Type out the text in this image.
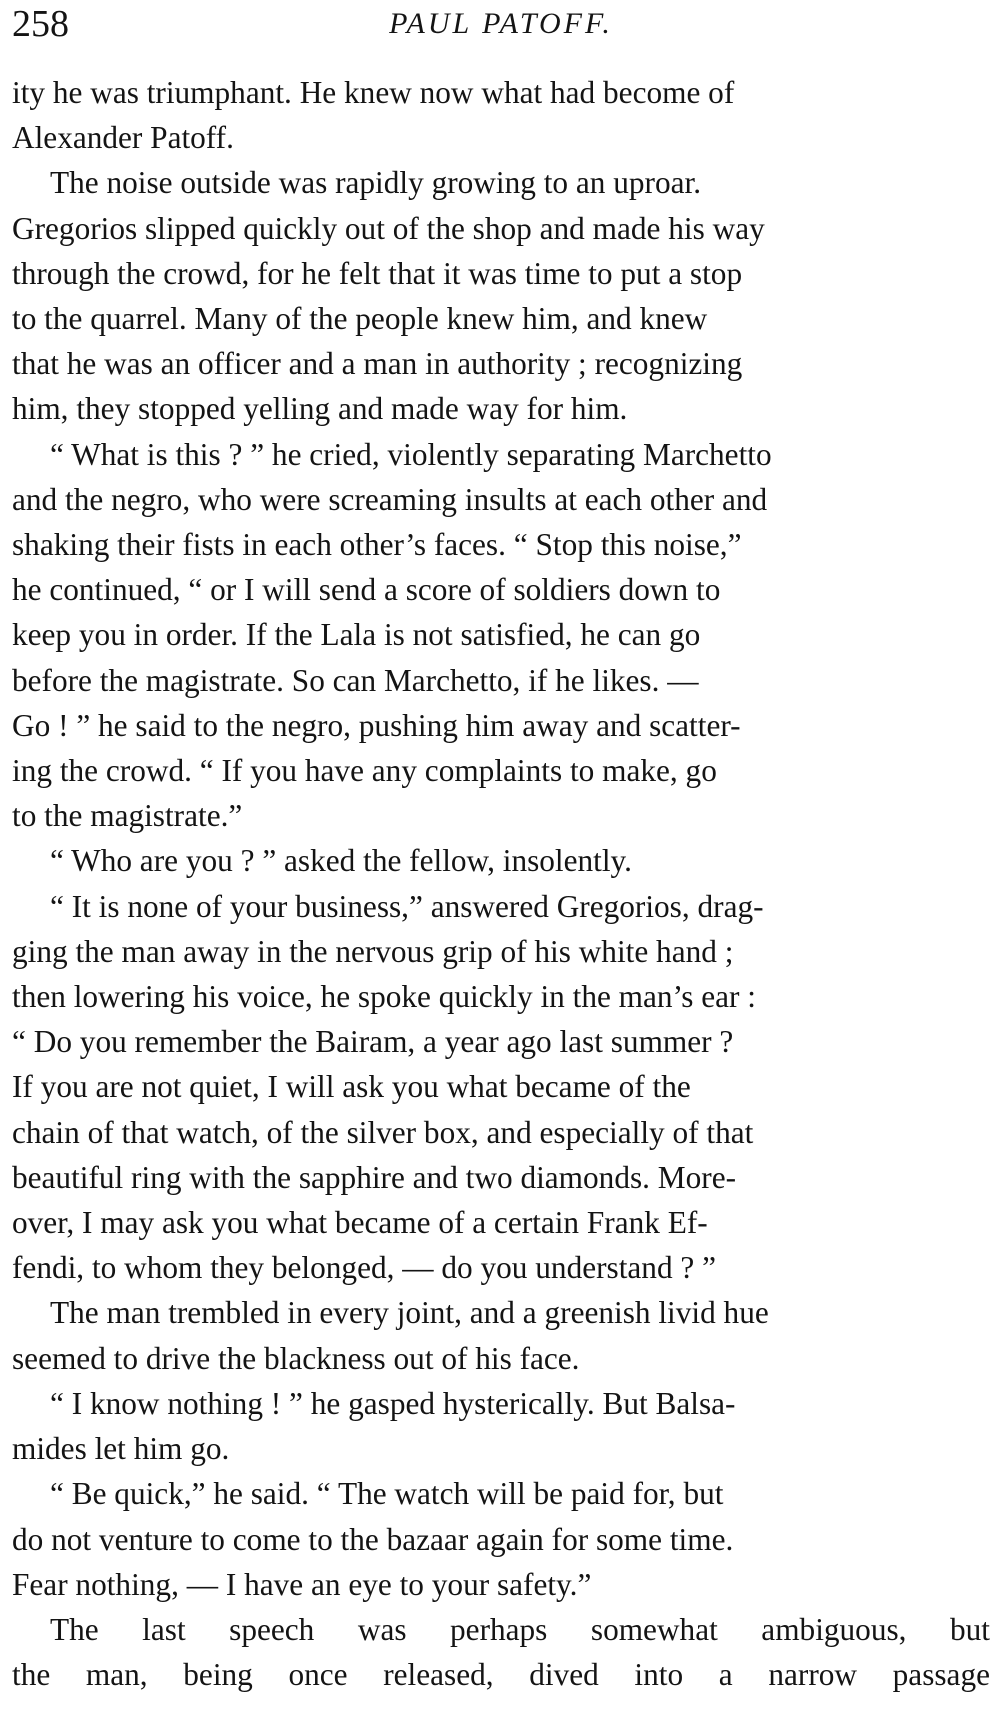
258	PAUL PATOFF.

ity he was triumphant. He knew now what had become of
Alexander Patoff.

The noise outside was rapidly growing to an uproar.
Gregorios slipped quickly out of the shop and made his way
through the crowd, for he felt that it was time to put a stop
to the quarrel. Many of the people knew him, and knew
that he was an officer and a man in authority ; recognizing
him, they stopped yelling and made way for him.

“ What is this ? ” he cried, violently separating Marchetto
and the negro, who were screaming insults at each other and
shaking their fists in each other’s faces. “ Stop this noise,”
he continued, “ or I will send a score of soldiers down to
keep you in order. If the Lala is not satisfied, he can go
before the magistrate. So can Marchetto, if he likes. —
Go ! ” he said to the negro, pushing him away and scatter-
ing the crowd. “ If you have any complaints to make, go
to the magistrate.”

“ Who are you ? ” asked the fellow, insolently.

“ It is none of your business,” answered Gregorios, drag-
ging the man away in the nervous grip of his white hand ;
then lowering his voice, he spoke quickly in the man’s ear :
“ Do you remember the Bairam, a year ago last summer ?
If you are not quiet, I will ask you what became of the
chain of that watch, of the silver box, and especially of that
beautiful ring with the sapphire and two diamonds. More-
over, I may ask you what became of a certain Frank Ef-
fendi, to whom they belonged, — do you understand ? ”

The man trembled in every joint, and a greenish livid hue
seemed to drive the blackness out of his face.

“ I know nothing ! ” he gasped hysterically. But Balsa-
mides let him go.

“ Be quick,” he said. “ The watch will be paid for, but
do not venture to come to the bazaar again for some time.
Fear nothing, — I have an eye to your safety.”

The last speech was perhaps somewhat ambiguous, but
the man, being once released, dived into a narrow passage
